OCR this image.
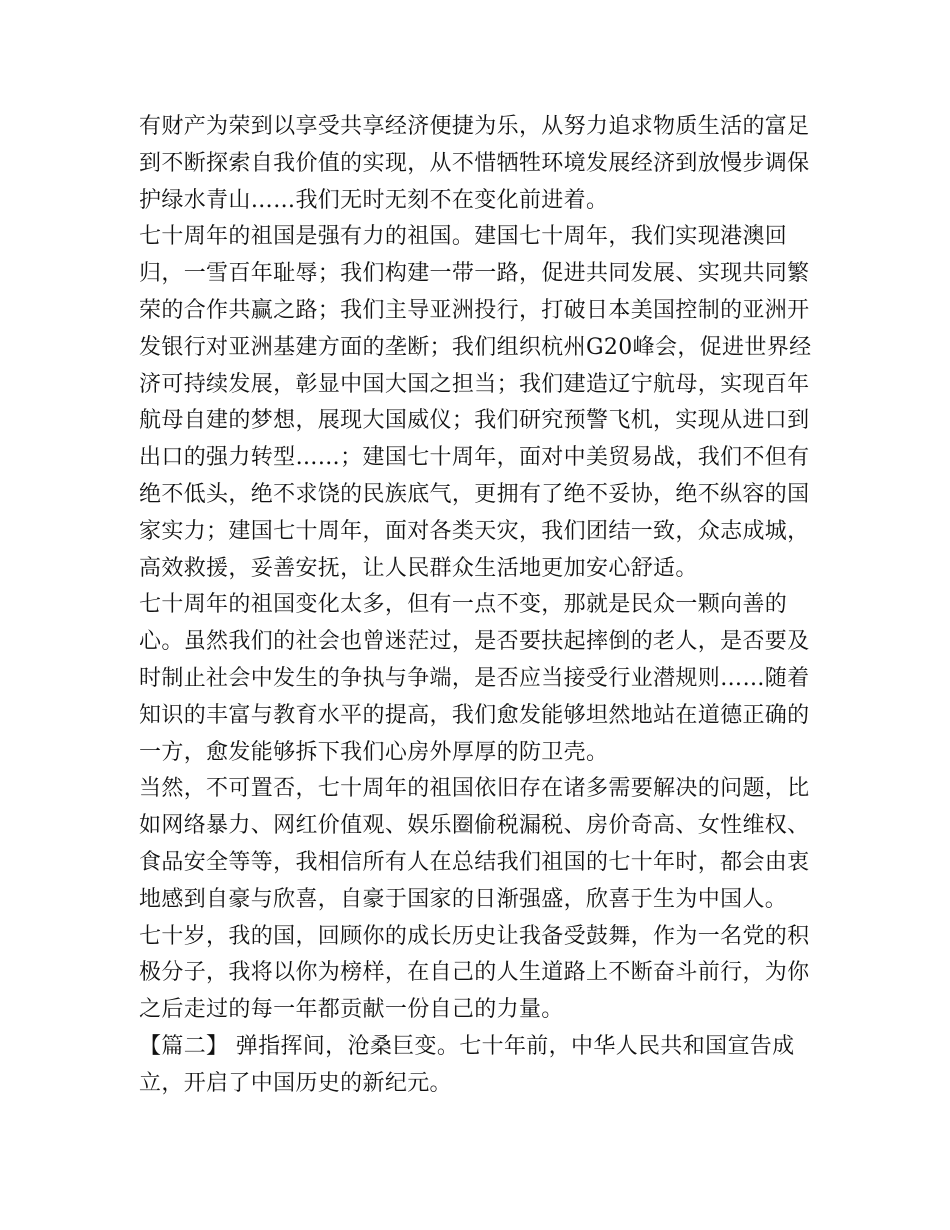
有财产为荣到以享受共享经济便捷为乐，从努力追求物质生活的富足到不断探索自我价值的实现，从不惜牺牲环境发展经济到放慢步调保护绿水青山……我们无时无刻不在变化前进着。

七十周年的祖国是强有力的祖国。建国七十周年，我们实现港澳回归，一雪百年耻辱；我们构建一带一路，促进共同发展、实现共同繁荣的合作共赢之路；我们主导亚洲投行，打破日本美国控制的亚洲开发银行对亚洲基建方面的垄断；我们组织杭州G20峰会，促进世界经济可持续发展，彰显中国大国之担当；我们建造辽宁航母，实现百年航母自建的梦想，展现大国威仪；我们研究预警飞机，实现从进口到出口的强力转型……；建国七十周年，面对中美贸易战，我们不但有绝不低头，绝不求饶的民族底气，更拥有了绝不妥协，绝不纵容的国家实力；建国七十周年，面对各类天灾，我们团结一致，众志成城，高效救援，妥善安抚，让人民群众生活地更加安心舒适。

七十周年的祖国变化太多，但有一点不变，那就是民众一颗向善的心。虽然我们的社会也曾迷茫过，是否要扶起摔倒的老人，是否要及时制止社会中发生的争执与争端，是否应当接受行业潜规则……随着知识的丰富与教育水平的提高，我们愈发能够坦然地站在道德正确的一方，愈发能够拆下我们心房外厚厚的防卫壳。

当然，不可置否，七十周年的祖国依旧存在诸多需要解决的问题，比如网络暴力、网红价值观、娱乐圈偷税漏税、房价奇高、女性维权、食品安全等等，我相信所有人在总结我们祖国的七十年时，都会由衷地感到自豪与欣喜，自豪于国家的日渐强盛，欣喜于生为中国人。

七十岁，我的国，回顾你的成长历史让我备受鼓舞，作为一名党的积极分子，我将以你为榜样，在自己的人生道路上不断奋斗前行，为你之后走过的每一年都贡献一份自己的力量。

【篇二】 弹指挥间，沧桑巨变。七十年前，中华人民共和国宣告成立，开启了中国历史的新纪元。
